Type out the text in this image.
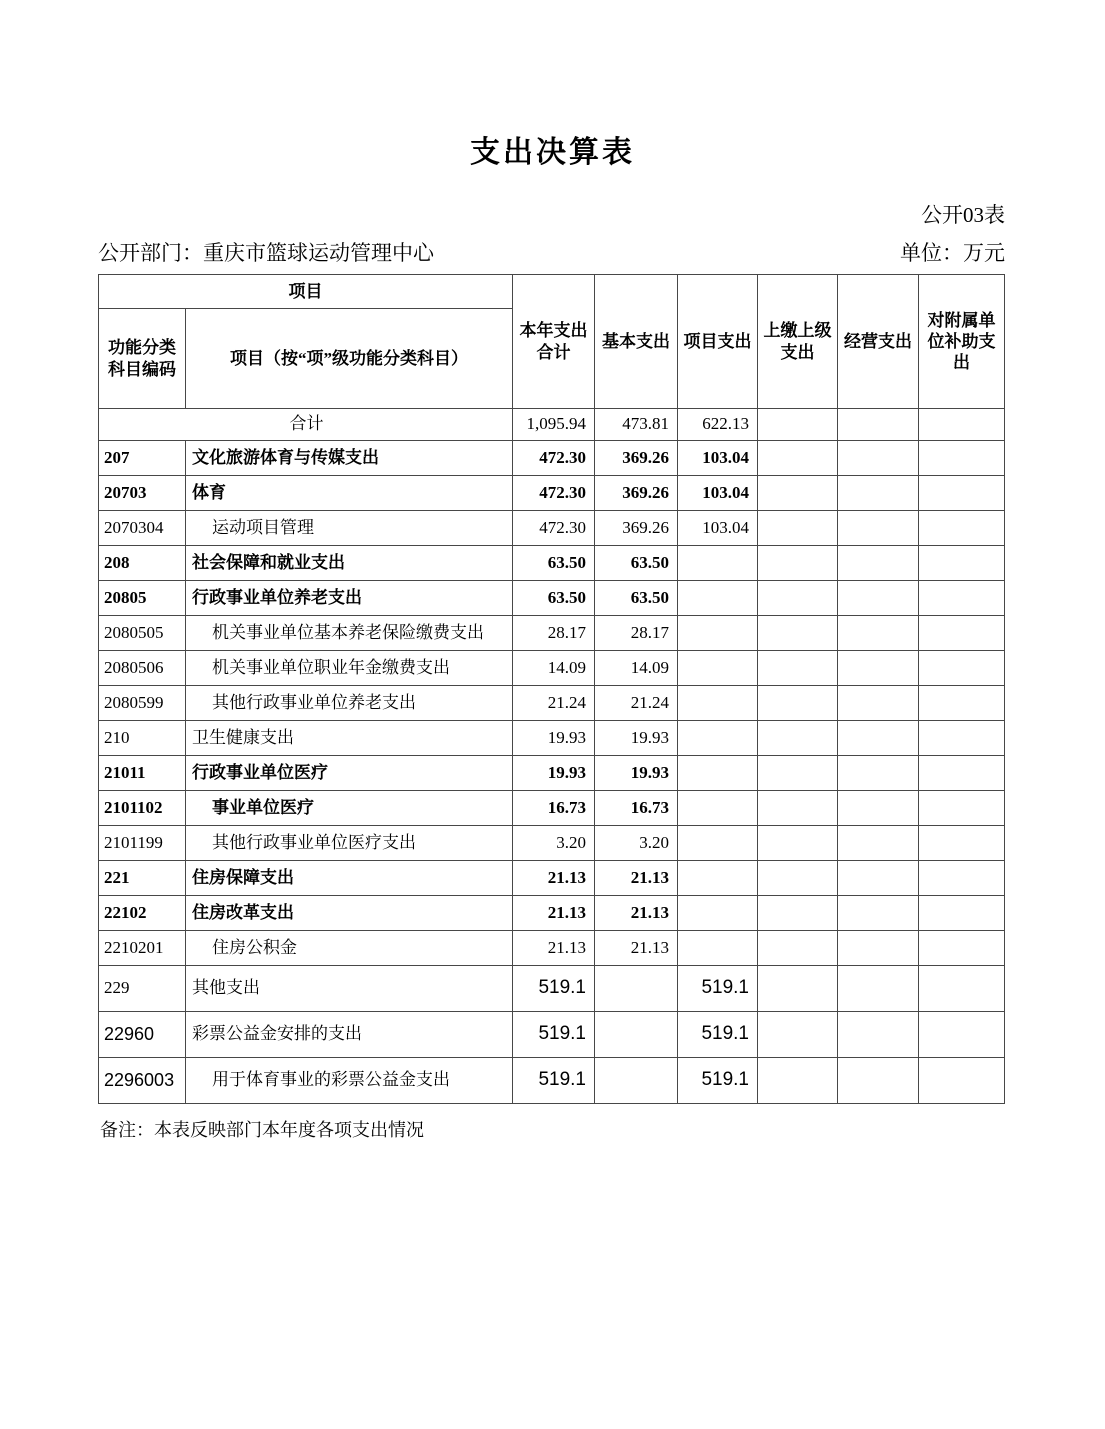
支出决算表
公开03表
公开部门：重庆市篮球运动管理中心	单位：万元
项目		本年支出合计	基本支出	项目支出	上缴上级支出	经营支出	对附属单位补助支出
功能分类科目编码	项目（按“项”级功能分类科目）						
合计		1,095.94	473.81	622.13			
207	文化旅游体育与传媒支出	472.30	369.26	103.04			
20703	体育	472.30	369.26	103.04			
2070304	运动项目管理	472.30	369.26	103.04			
208	社会保障和就业支出	63.50	63.50				
20805	行政事业单位养老支出	63.50	63.50				
2080505	机关事业单位基本养老保险缴费支出	28.17	28.17				
2080506	机关事业单位职业年金缴费支出	14.09	14.09				
2080599	其他行政事业单位养老支出	21.24	21.24				
210	卫生健康支出	19.93	19.93				
21011	行政事业单位医疗	19.93	19.93				
2101102	事业单位医疗	16.73	16.73				
2101199	其他行政事业单位医疗支出	3.20	3.20				
221	住房保障支出	21.13	21.13				
22102	住房改革支出	21.13	21.13				
2210201	住房公积金	21.13	21.13				
229	其他支出	519.1		519.1			
22960	彩票公益金安排的支出	519.1		519.1			
2296003	用于体育事业的彩票公益金支出	519.1		519.1			
备注：本表反映部门本年度各项支出情况
